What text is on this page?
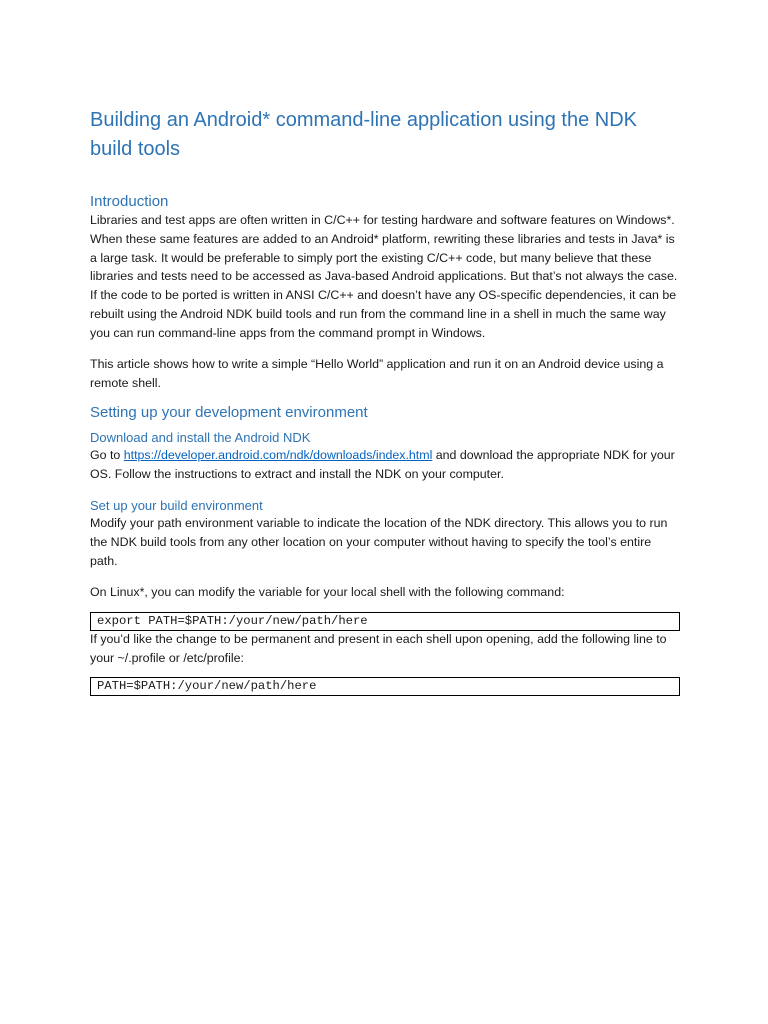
Building an Android* command-line application using the NDK build tools
Introduction

Libraries and test apps are often written in C/C++ for testing hardware and software features on Windows*. When these same features are added to an Android* platform, rewriting these libraries and tests in Java* is a large task. It would be preferable to simply port the existing C/C++ code, but many believe that these libraries and tests need to be accessed as Java-based Android applications. But that’s not always the case. If the code to be ported is written in ANSI C/C++ and doesn’t have any OS-specific dependencies, it can be rebuilt using the Android NDK build tools and run from the command line in a shell in much the same way you can run command-line apps from the command prompt in Windows.

This article shows how to write a simple “Hello World” application and run it on an Android device using a remote shell.

Setting up your development environment
Download and install the Android NDK

Go to https://developer.android.com/ndk/downloads/index.html and download the appropriate NDK for your OS. Follow the instructions to extract and install the NDK on your computer.

Set up your build environment

Modify your path environment variable to indicate the location of the NDK directory. This allows you to run the NDK build tools from any other location on your computer without having to specify the tool’s entire path.

On Linux*, you can modify the variable for your local shell with the following command:

export PATH=$PATH:/your/new/path/here

If you’d like the change to be permanent and present in each shell upon opening, add the following line to your ~/.profile or /etc/profile:

PATH=$PATH:/your/new/path/here
